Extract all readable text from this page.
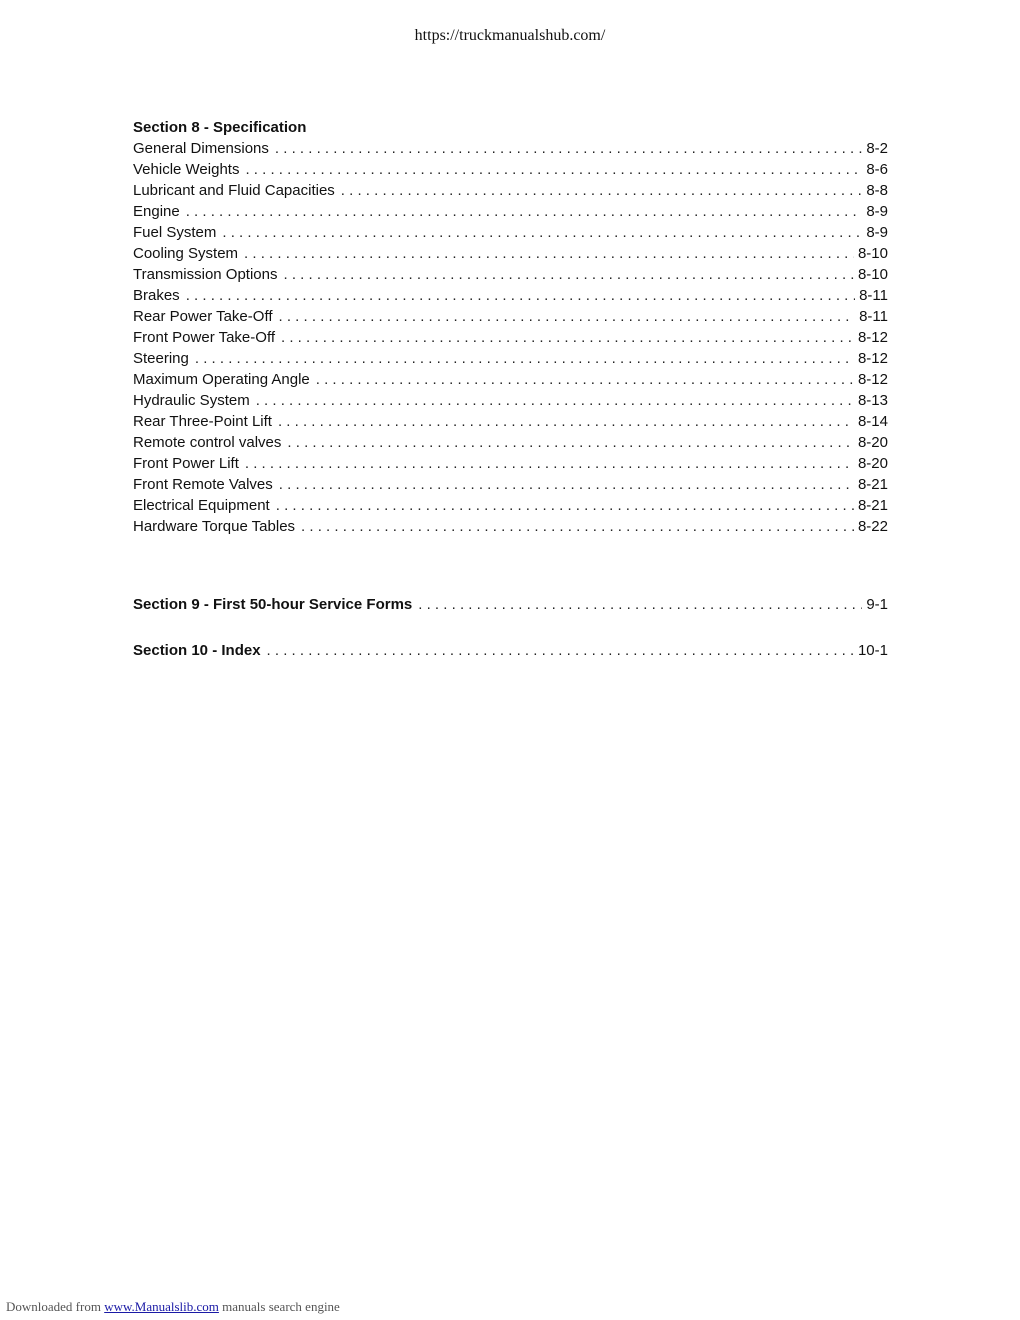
https://truckmanualshub.com/
Section 8 - Specification
General Dimensions . . .	8-2
Vehicle Weights . . .	8-6
Lubricant and Fluid Capacities . . .	8-8
Engine . . .	8-9
Fuel System . . .	8-9
Cooling System . . .	8-10
Transmission Options . . .	8-10
Brakes . . .	8-11
Rear Power Take-Off . . .	8-11
Front Power Take-Off . . .	8-12
Steering . . .	8-12
Maximum Operating Angle . . .	8-12
Hydraulic System . . .	8-13
Rear Three-Point Lift . . .	8-14
Remote control valves . . .	8-20
Front Power Lift . . .	8-20
Front Remote Valves . . .	8-21
Electrical Equipment . . .	8-21
Hardware Torque Tables . . .	8-22
Section 9 - First 50-hour Service Forms . . .	9-1
Section 10 - Index . . .	10-1
Downloaded from www.Manualslib.com manuals search engine
